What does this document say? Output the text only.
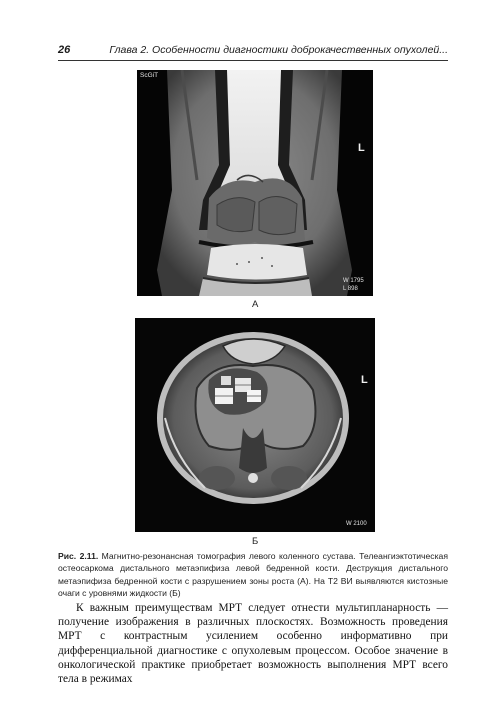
26	Глава 2. Особенности диагностики доброкачественных опухолей...
ScGiT
L
W 1795
L 898
А
L
W 2100
Б
Рис. 2.11. Магнитно-резонансная томография левого коленного сустава. Телеангиэктотическая остеосаркома дистального метаэпифиза левой бедренной кости. Деструкция дистального метаэпифиза бедренной кости с разрушением зоны роста (А). На Т2 ВИ выявляются кистозные очаги с уровнями жидкости (Б)

К важным преимуществам МРТ следует отнести мультипланарность — получение изображения в различных плоскостях. Возможность проведения МРТ с контрастным усилением особенно информативно при дифференциальной диагностике с опухолевым процессом. Особое значение в онкологической практике приобретает возможность выполнения МРТ всего тела в режимах
